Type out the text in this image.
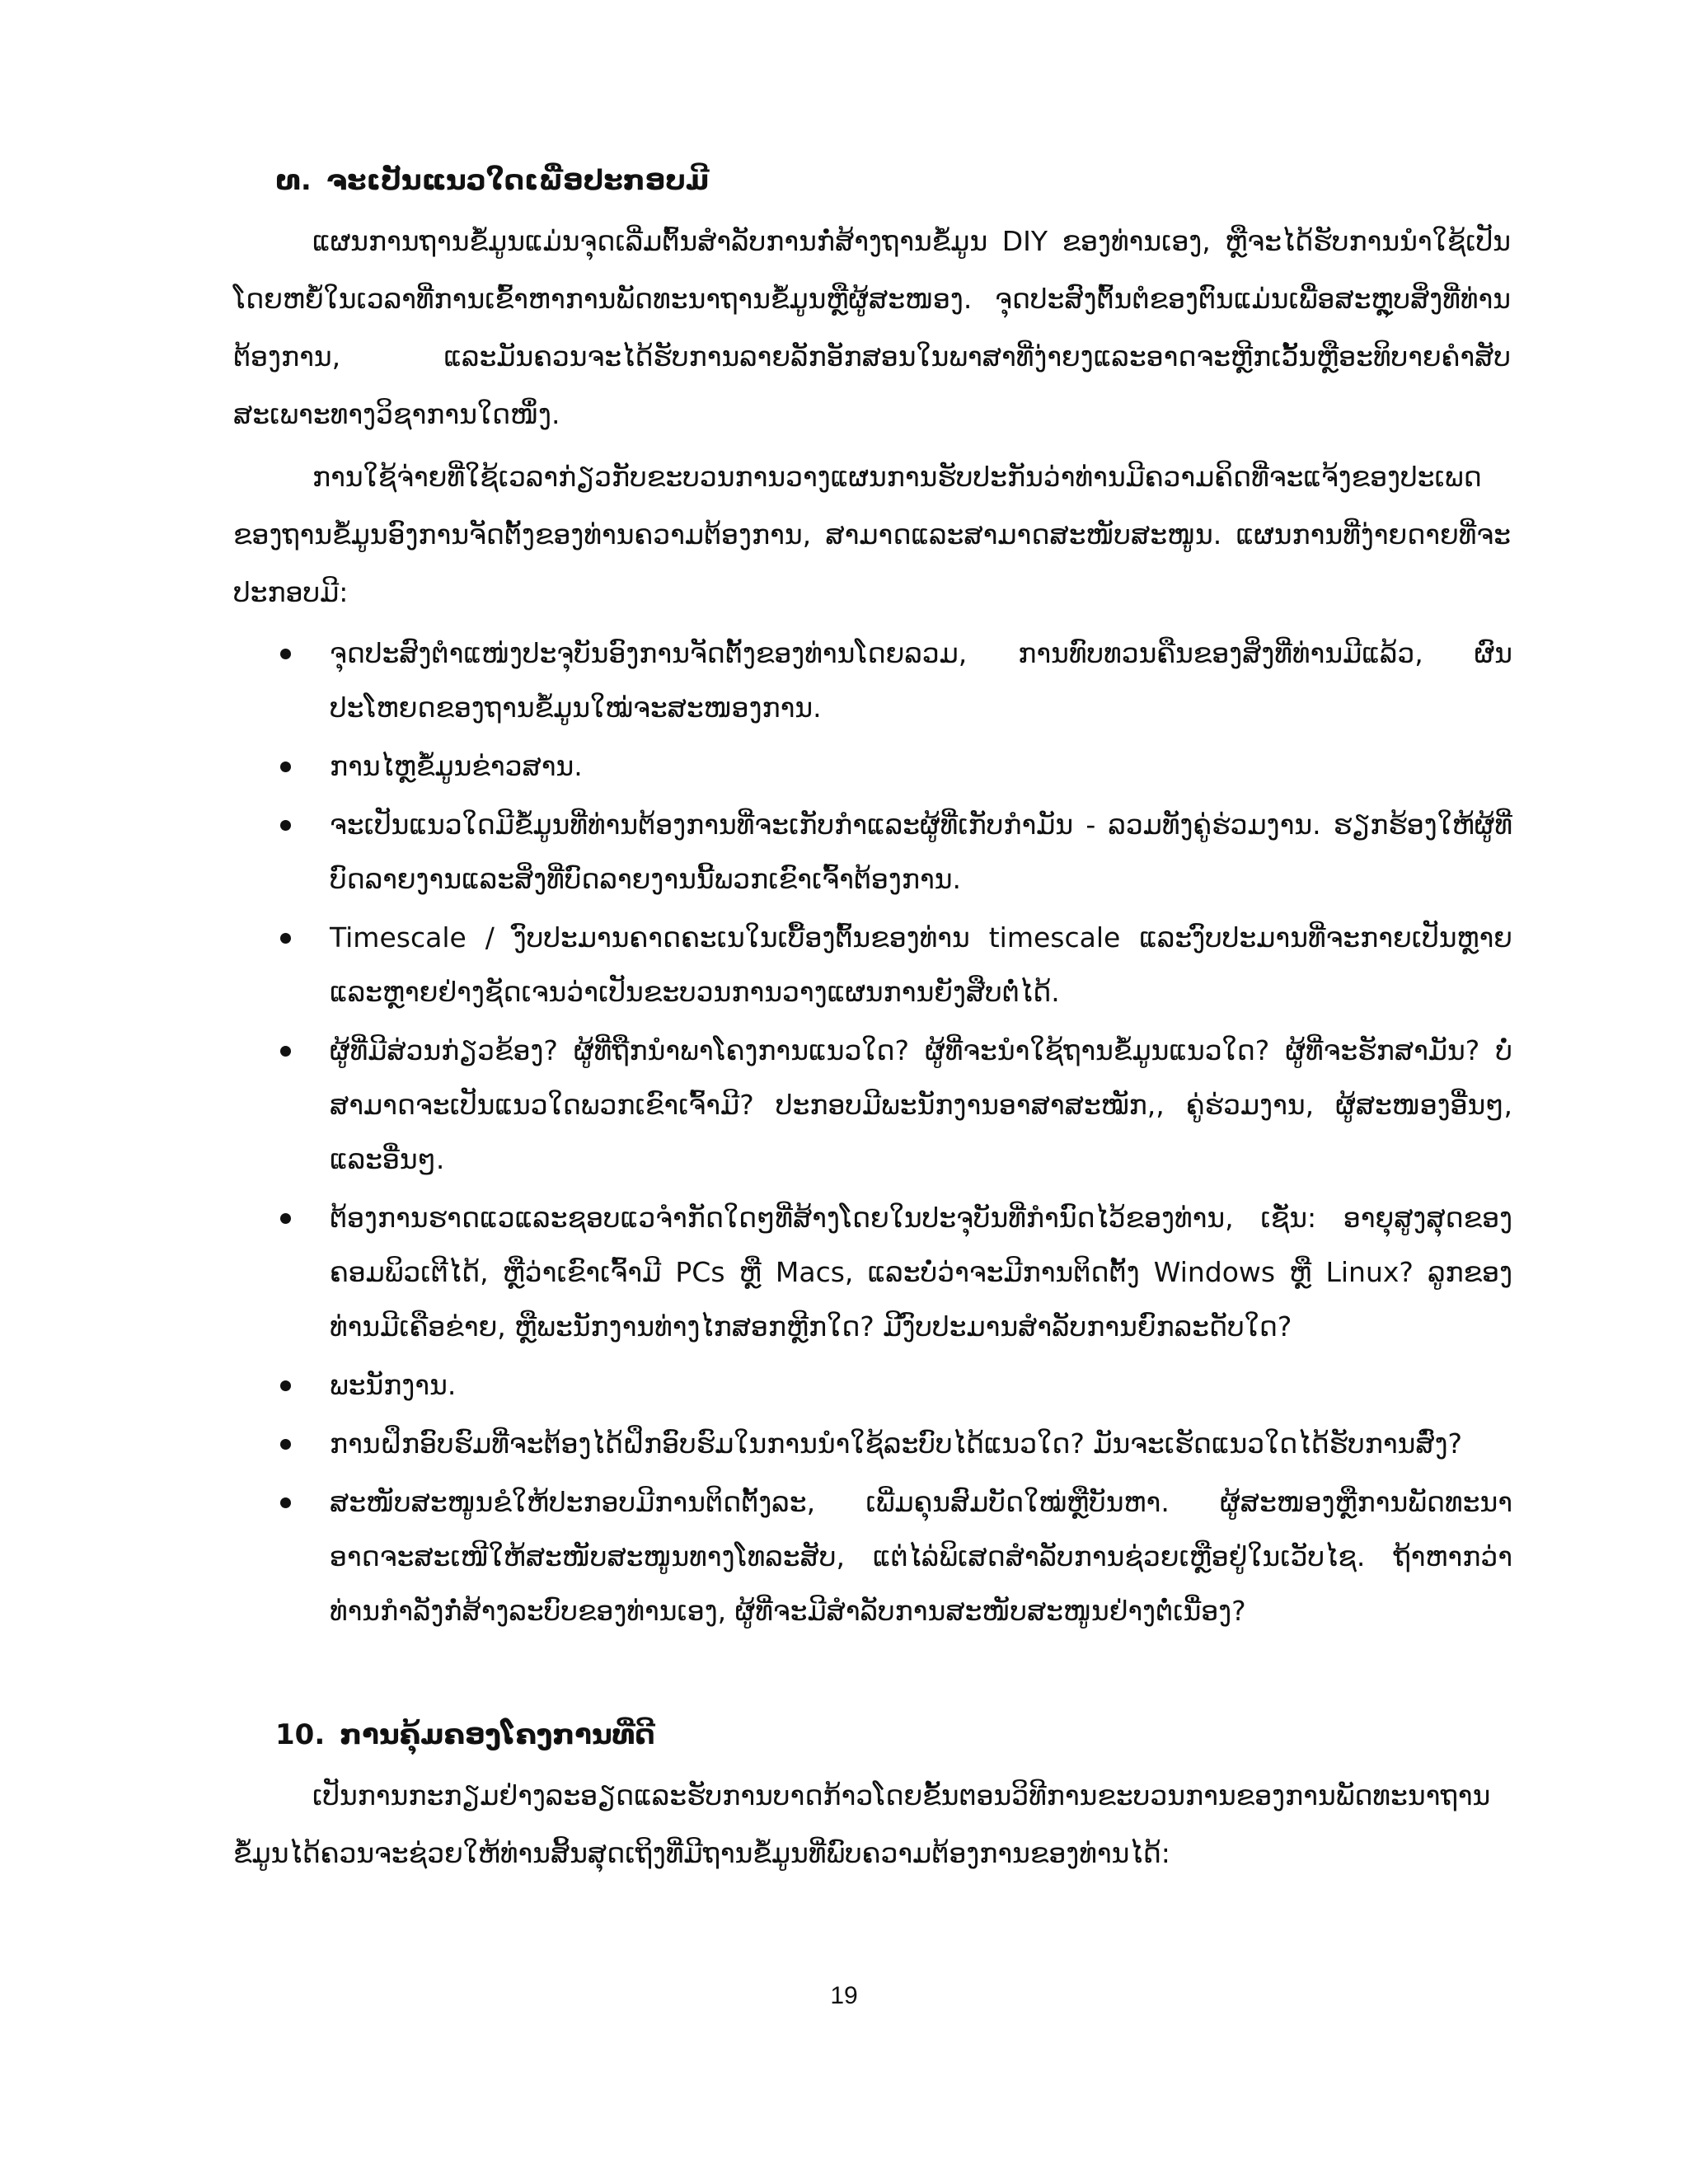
໙. ຈະເປັນແນວໃດເພື່ອປະກອບມີ

ແຜນການຖານຂໍ້ມູນແມ່ນຈຸດເລີ່ມຕົ້ນສໍາລັບການກໍ່ສ້າງຖານຂໍ້ມູນ DIY ຂອງທ່ານເອງ, ຫຼືຈະໄດ້ຮັບການນໍາໃຊ້ເປັນໂດຍຫຍໍ້ໃນເວລາທີ່ການເຂົ້າຫາການພັດທະນາຖານຂໍ້ມູນຫຼືຜູ້ສະໜອງ. ຈຸດປະສົງຕົ້ນຕໍຂອງຕົນແມ່ນເພື່ອສະຫຼຸບສິ່ງທີ່ທ່ານຕ້ອງການ, ແລະມັນຄວນຈະໄດ້ຮັບການລາຍລັກອັກສອນໃນພາສາທີ່ງ່າຍງແລະອາດຈະຫຼີກເວັ້ນຫຼືອະທິບາຍຄໍາສັບສະເພາະທາງວິຊາການໃດໜຶ່ງ.

ການໃຊ້ຈ່າຍທີ່ໃຊ້ເວລາກ່ຽວກັບຂະບວນການວາງແຜນການຮັບປະກັນວ່າທ່ານມີຄວາມຄິດທີ່ຈະແຈ້ງຂອງປະເພດຂອງຖານຂໍ້ມູນອົງການຈັດຕັ້ງຂອງທ່ານຄວາມຕ້ອງການ, ສາມາດແລະສາມາດສະໜັບສະໜູນ. ແຜນການທີ່ງ່າຍດາຍທີ່ຈະປະກອບມີ:

ຈຸດປະສົງຕໍາແໜ່ງປະຈຸບັນອົງການຈັດຕັ້ງຂອງທ່ານໂດຍລວມ, ການທົບທວນຄືນຂອງສິ່ງທີ່ທ່ານມີແລ້ວ, ຜົນປະໂຫຍດຂອງຖານຂໍ້ມູນໃໝ່ຈະສະໜອງການ.
ການໄຫຼຂໍ້ມູນຂ່າວສານ.
ຈະເປັນແນວໃດມີຂໍ້ມູນທີ່ທ່ານຕ້ອງການທີ່ຈະເກັບກໍາແລະຜູ້ທີ່ເກັບກໍາມັນ - ລວມທັງຄູ່ຮ່ວມງານ. ຮຽກຮ້ອງໃຫ້ຜູ້ທີ່ບົດລາຍງານແລະສິ່ງທີ່ບົດລາຍງານນີ້ພວກເຂົາເຈົ້າຕ້ອງການ.
Timescale / ງົບປະມານຄາດຄະເນໃນເບື້ອງຕົ້ນຂອງທ່ານ timescale ແລະງົບປະມານທີ່ຈະກາຍເປັນຫຼາຍແລະຫຼາຍຢ່າງຊັດເຈນວ່າເປັນຂະບວນການວາງແຜນການຍັງສືບຕໍ່ໄດ້.
ຜູ້ທີ່ມີສ່ວນກ່ຽວຂ້ອງ? ຜູ້ທີ່ຖືກນໍາພາໂຄງການແນວໃດ? ຜູ້ທີ່ຈະນໍາໃຊ້ຖານຂໍ້ມູນແນວໃດ? ຜູ້ທີ່ຈະຮັກສາມັນ? ບໍ່ສາມາດຈະເປັນແນວໃດພວກເຂົາເຈົ້າມີ? ປະກອບມີພະນັກງານອາສາສະໝັກ,, ຄູ່ຮ່ວມງານ, ຜູ້ສະໜອງອື່ນໆ, ແລະອື່ນໆ.
ຕ້ອງການຮາດແວແລະຊອບແວຈໍາກັດໃດໆທີ່ສ້າງໂດຍໃນປະຈຸບັນທີ່ກໍານົດໄວ້ຂອງທ່ານ, ເຊັ່ນ: ອາຍຸສູງສຸດຂອງຄອມພິວເຕີໄດ້, ຫຼືວ່າເຂົາເຈົ້າມີ PCs ຫຼື Macs, ແລະບໍ່ວ່າຈະມີການຕິດຕັ້ງ Windows ຫຼື Linux? ລູກຂອງທ່ານມີເຄືອຂ່າຍ, ຫຼືພະນັກງານທ່າງໄກສອກຫຼີກໃດ? ມີງົບປະມານສໍາລັບການຍົກລະດັບໃດ?
ພະນັກງານ.
ການຝຶກອົບຮົມທີ່ຈະຕ້ອງໄດ້ຝຶກອົບຮົມໃນການນໍາໃຊ້ລະບົບໄດ້ແນວໃດ? ມັນຈະເຮັດແນວໃດໄດ້ຮັບການສົ່ງ?
ສະໜັບສະໜູນຂໍໃຫ້ປະກອບມີການຕິດຕັ້ງລະ, ເພີ່ມຄຸນສົມບັດໃໝ່ຫຼືບັນຫາ. ຜູ້ສະໜອງຫຼືການພັດທະນາອາດຈະສະເໜີໃຫ້ສະໜັບສະໜູນທາງໂທລະສັບ, ແຕ່ໄລ່ພິເສດສໍາລັບການຊ່ວຍເຫຼືອຢູ່ໃນເວັບໄຊ. ຖ້າຫາກວ່າທ່ານກໍາລັງກໍ່ສ້າງລະບົບຂອງທ່ານເອງ, ຜູ້ທີ່ຈະມີສໍາລັບການສະໜັບສະໜູນຢ່າງຕໍ່ເນື່ອງ?
10. ການຄຸ້ມຄອງໂຄງການທີ່ດີ

ເປັນການກະກຽມຢ່າງລະອຽດແລະຮັບການບາດກ້າວໂດຍຂັ້ນຕອນວິທີການຂະບວນການຂອງການພັດທະນາຖານຂໍ້ມູນໄດ້ຄວນຈະຊ່ວຍໃຫ້ທ່ານສິ້ນສຸດເຖິງທີ່ມີຖານຂໍ້ມູນທີ່ພົບຄວາມຕ້ອງການຂອງທ່ານໄດ້:

19
